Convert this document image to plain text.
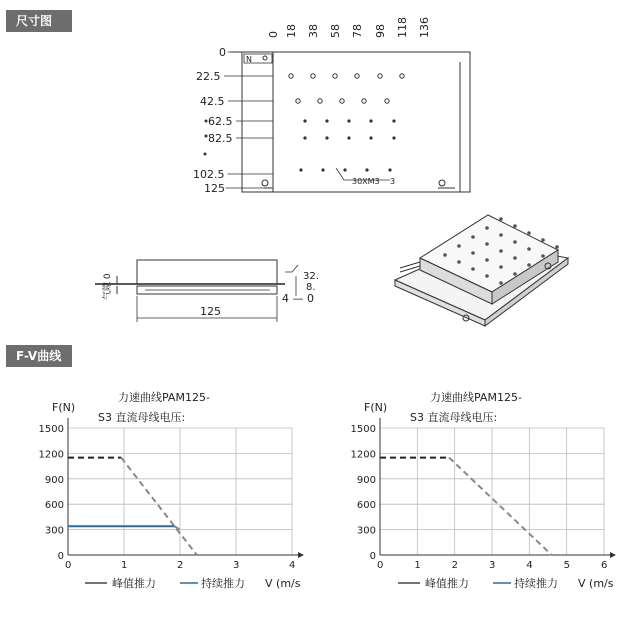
尺寸图
F-V曲线
N
0 18 38 58 78 98 118 136
0
22.5
42.5
62.5
82.5
102.5
125
30XM3 3
气隙 0	32.
8.
4 — 0
125
力速曲线PAM125-
S3 直流母线电压:
F(N)
0	1	2	3	4
0
300
600
900
1200
1500
峰值推力	持续推力 V (m/s
力速曲线PAM125-
S3 直流母线电压:
F(N)
0	1	2	3	4	5	6
0
300
600
900
1200
1500
峰值推力	持续推力 V (m/s
